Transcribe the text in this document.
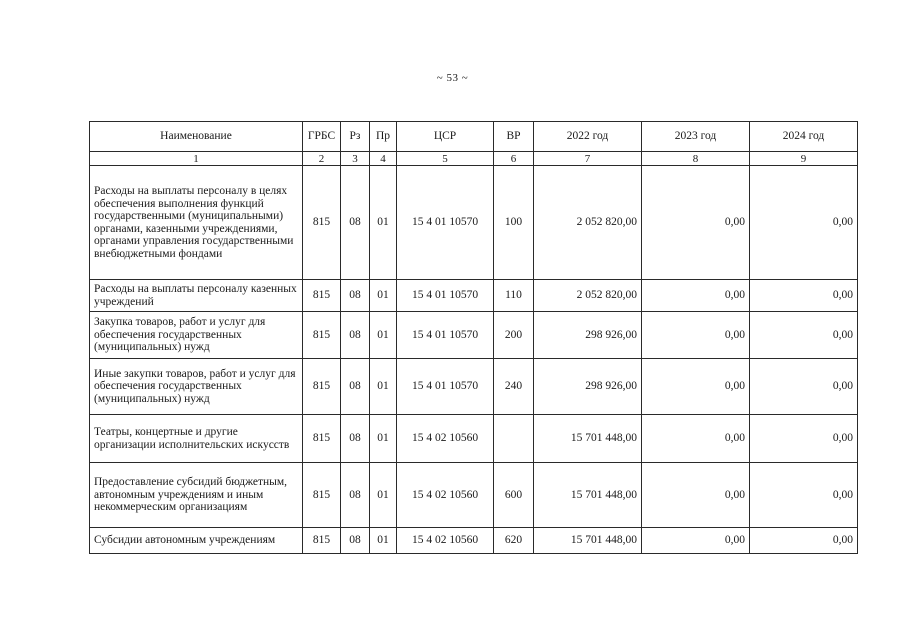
~ 53 ~
Наименование	ГРБС	Рз	Пр	ЦСР	ВР	2022 год	2023 год	2024 год
1	2	3	4	5	6	7	8	9
Расходы на выплаты персоналу в целях обеспечения выполнения функций государственными (муниципальными) органами, казенными учреждениями, органами управления государственными внебюджетными фондами	815	08	01	15 4 01 10570	100	2 052 820,00	0,00	0,00
Расходы на выплаты персоналу казенных учреждений	815	08	01	15 4 01 10570	110	2 052 820,00	0,00	0,00
Закупка товаров, работ и услуг для обеспечения государственных (муниципальных) нужд	815	08	01	15 4 01 10570	200	298 926,00	0,00	0,00
Иные закупки товаров, работ и услуг для обеспечения государственных (муниципальных) нужд	815	08	01	15 4 01 10570	240	298 926,00	0,00	0,00
Театры, концертные и другие организации исполнительских искусств	815	08	01	15 4 02 10560		15 701 448,00	0,00	0,00
Предоставление субсидий бюджетным, автономным учреждениям и иным некоммерческим организациям	815	08	01	15 4 02 10560	600	15 701 448,00	0,00	0,00
Субсидии автономным учреждениям	815	08	01	15 4 02 10560	620	15 701 448,00	0,00	0,00
